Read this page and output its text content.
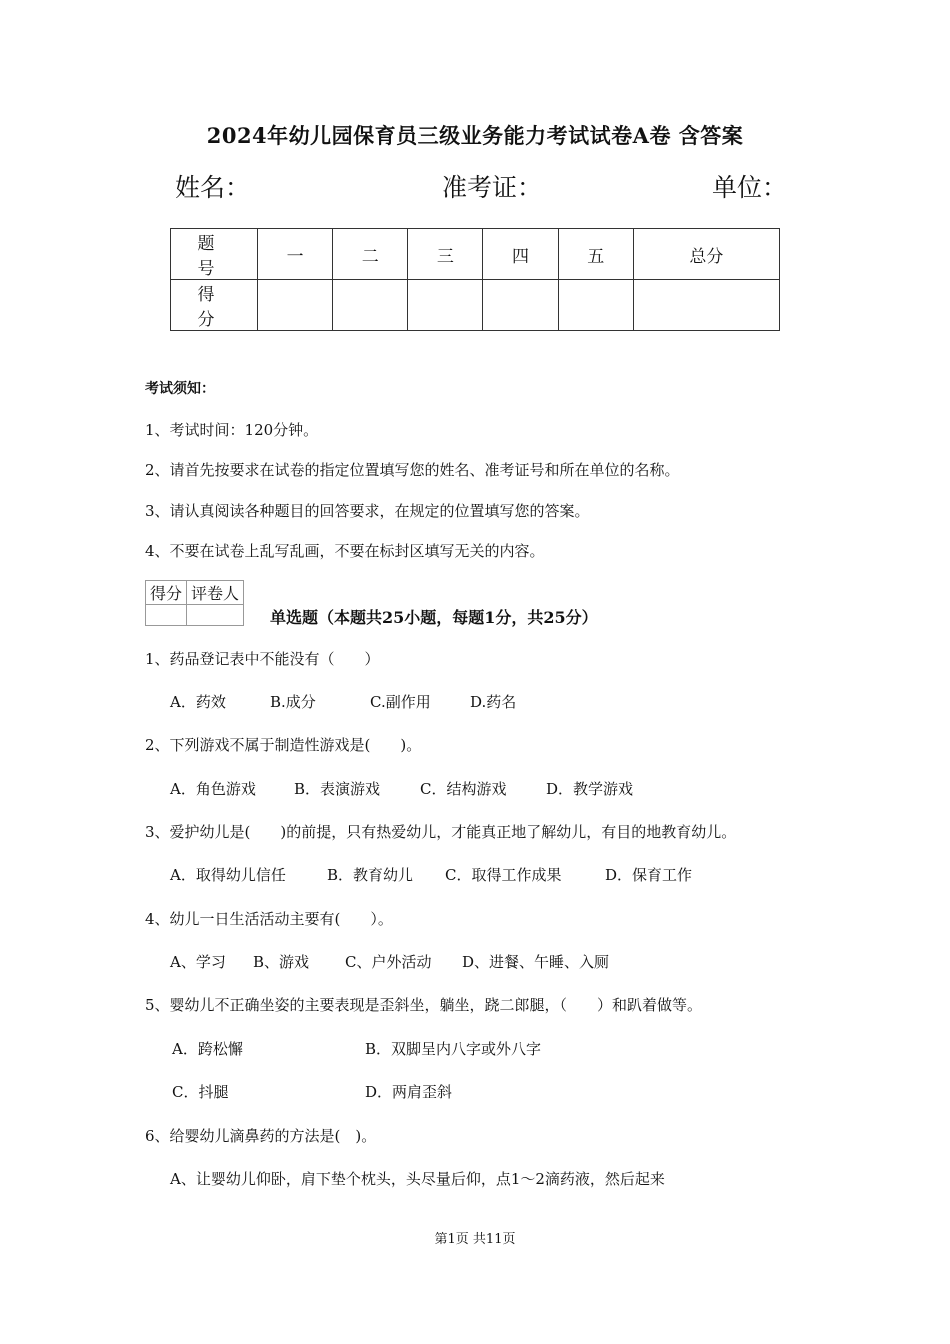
2024年幼儿园保育员三级业务能力考试试卷A卷 含答案
姓名：	准考证：	单位：
题　号	一	二	三	四	五	总分
得　分						
考试须知：
1、考试时间：120分钟。
2、请首先按要求在试卷的指定位置填写您的姓名、准考证号和所在单位的名称。
3、请认真阅读各种题目的回答要求，在规定的位置填写您的答案。
4、不要在试卷上乱写乱画，不要在标封区填写无关的内容。
得分	评卷人

单选题（本题共25小题，每题1分，共25分）
1、药品登记表中不能没有（　　）
A．药效	B.成分	C.副作用	D.药名
2、下列游戏不属于制造性游戏是(　　)。
A．角色游戏	B．表演游戏	C．结构游戏	D．教学游戏
3、爱护幼儿是(　　)的前提，只有热爱幼儿，才能真正地了解幼儿，有目的地教育幼儿。
A．取得幼儿信任	B．教育幼儿 C．取得工作成果	D．保育工作
4、幼儿一日生活活动主要有(　　）。
A、学习 B、游戏 C、户外活动 D、进餐、午睡、入厕
5、婴幼儿不正确坐姿的主要表现是歪斜坐，躺坐，跷二郎腿，（　　）和趴着做等。
A．跨松懈	B．双脚呈内八字或外八字
C．抖腿	D．两肩歪斜
6、给婴幼儿滴鼻药的方法是(　)。
A、让婴幼儿仰卧，肩下垫个枕头，头尽量后仰，点1～2滴药液，然后起来
第1页 共11页
